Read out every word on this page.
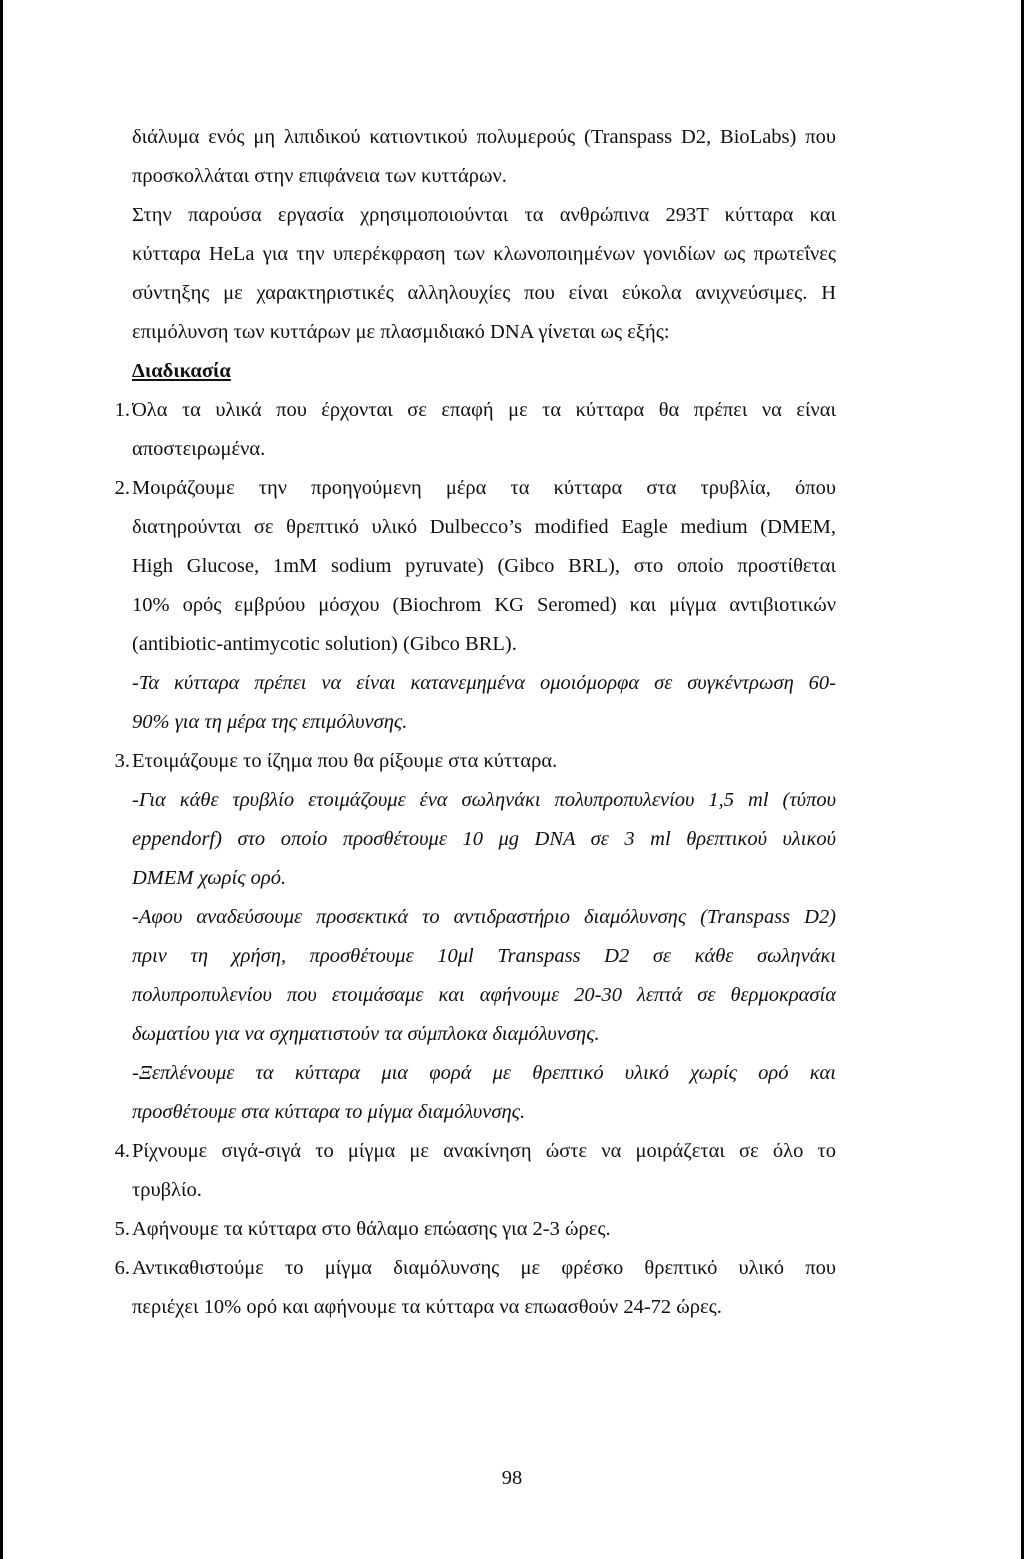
διάλυμα ενός μη λιπιδικού κατιοντικού πολυμερούς (Transpass D2, BioLabs) που
προσκολλάται στην επιφάνεια των κυττάρων.
Στην παρούσα εργασία χρησιμοποιούνται τα ανθρώπινα 293Τ κύτταρα και
κύτταρα HeLa για την υπερέκφραση των κλωνοποιημένων γονιδίων ως πρωτεΐνες
σύντηξης με χαρακτηριστικές αλληλουχίες που είναι εύκολα ανιχνεύσιμες. Η
επιμόλυνση των κυττάρων με πλασμιδιακό DNA γίνεται ως εξής:
Διαδικασία
1. Όλα τα υλικά που έρχονται σε επαφή με τα κύτταρα θα πρέπει να είναι
αποστειρωμένα.
2. Μοιράζουμε την προηγούμενη μέρα τα κύτταρα στα τρυβλία, όπου
διατηρούνται σε θρεπτικό υλικό Dulbecco’s modified Eagle medium (DMEM,
High Glucose, 1mM sodium pyruvate) (Gibco BRL), στο οποίο προστίθεται
10% ορός εμβρύου μόσχου (Biochrom KG Seromed) και μίγμα αντιβιοτικών
(antibiotic-antimycotic solution) (Gibco BRL).
-Τα κύτταρα πρέπει να είναι κατανεμημένα ομοιόμορφα σε συγκέντρωση 60-
90% για τη μέρα της επιμόλυνσης.
3. Ετοιμάζουμε το ίζημα που θα ρίξουμε στα κύτταρα.
-Για κάθε τρυβλίο ετοιμάζουμε ένα σωληνάκι πολυπροπυλενίου 1,5 ml (τύπου
eppendorf) στο οποίο προσθέτουμε 10 μg DNA σε 3 ml θρεπτικού υλικού
DMEM χωρίς ορό.
-Αφου αναδεύσουμε προσεκτικά το αντιδραστήριο διαμόλυνσης (Transpass D2)
πριν τη χρήση, προσθέτουμε 10μl Transpass D2 σε κάθε σωληνάκι
πολυπροπυλενίου που ετοιμάσαμε και αφήνουμε 20-30 λεπτά σε θερμοκρασία
δωματίου για να σχηματιστούν τα σύμπλοκα διαμόλυνσης.
-Ξεπλένουμε τα κύτταρα μια φορά με θρεπτικό υλικό χωρίς ορό και
προσθέτουμε στα κύτταρα το μίγμα διαμόλυνσης.
4. Ρίχνουμε σιγά-σιγά το μίγμα με ανακίνηση ώστε να μοιράζεται σε όλο το
τρυβλίο.
5. Αφήνουμε τα κύτταρα στο θάλαμο επώασης για 2-3 ώρες.
6. Αντικαθιστούμε το μίγμα διαμόλυνσης με φρέσκο θρεπτικό υλικό που
περιέχει 10% ορό και αφήνουμε τα κύτταρα να επωασθούν 24-72 ώρες.
98
